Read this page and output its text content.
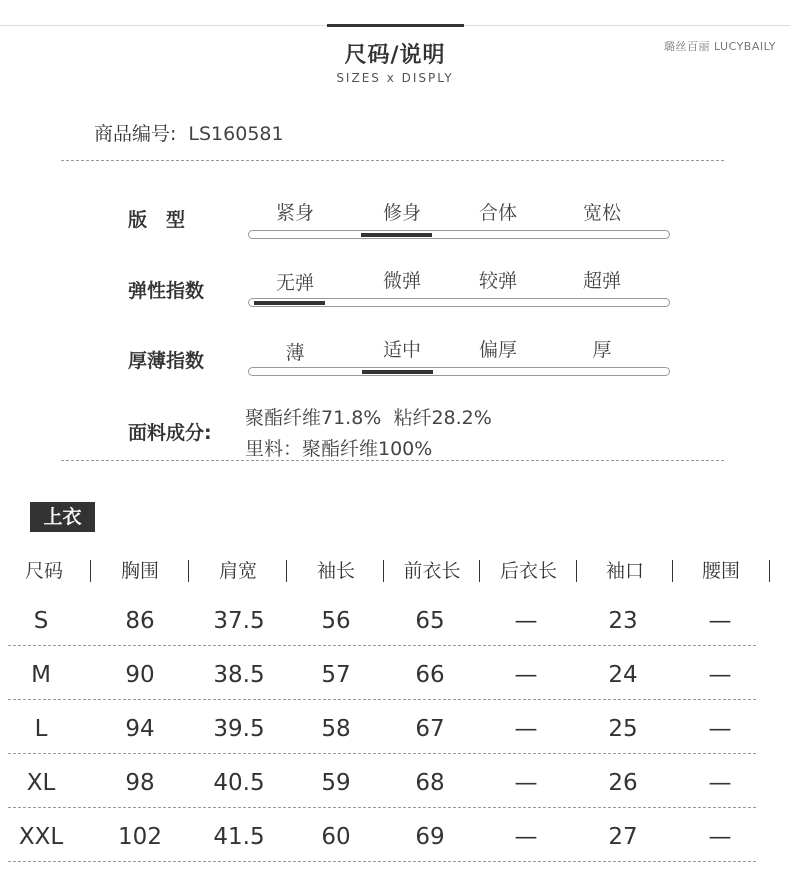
尺码/说明
SIZES x DISPLY
璐丝百丽 LUCYBAILY
商品编号: LS160581
版　型	紧身	修身	合体	宽松
弹性指数	无弹	微弹	较弹	超弹
厚薄指数	薄	适中	偏厚	厚
面料成分:
聚酯纤维71.8%  粘纤28.2%
里料：聚酯纤维100%
上衣
尺码	胸围	肩宽	袖长	前衣长	后衣长	袖口	腰围
S	86	37.5	56	65	—	23	—
M	90	38.5	57	66	—	24	—
L	94	39.5	58	67	—	25	—
XL	98	40.5	59	68	—	26	—
XXL	102	41.5	60	69	—	27	—
